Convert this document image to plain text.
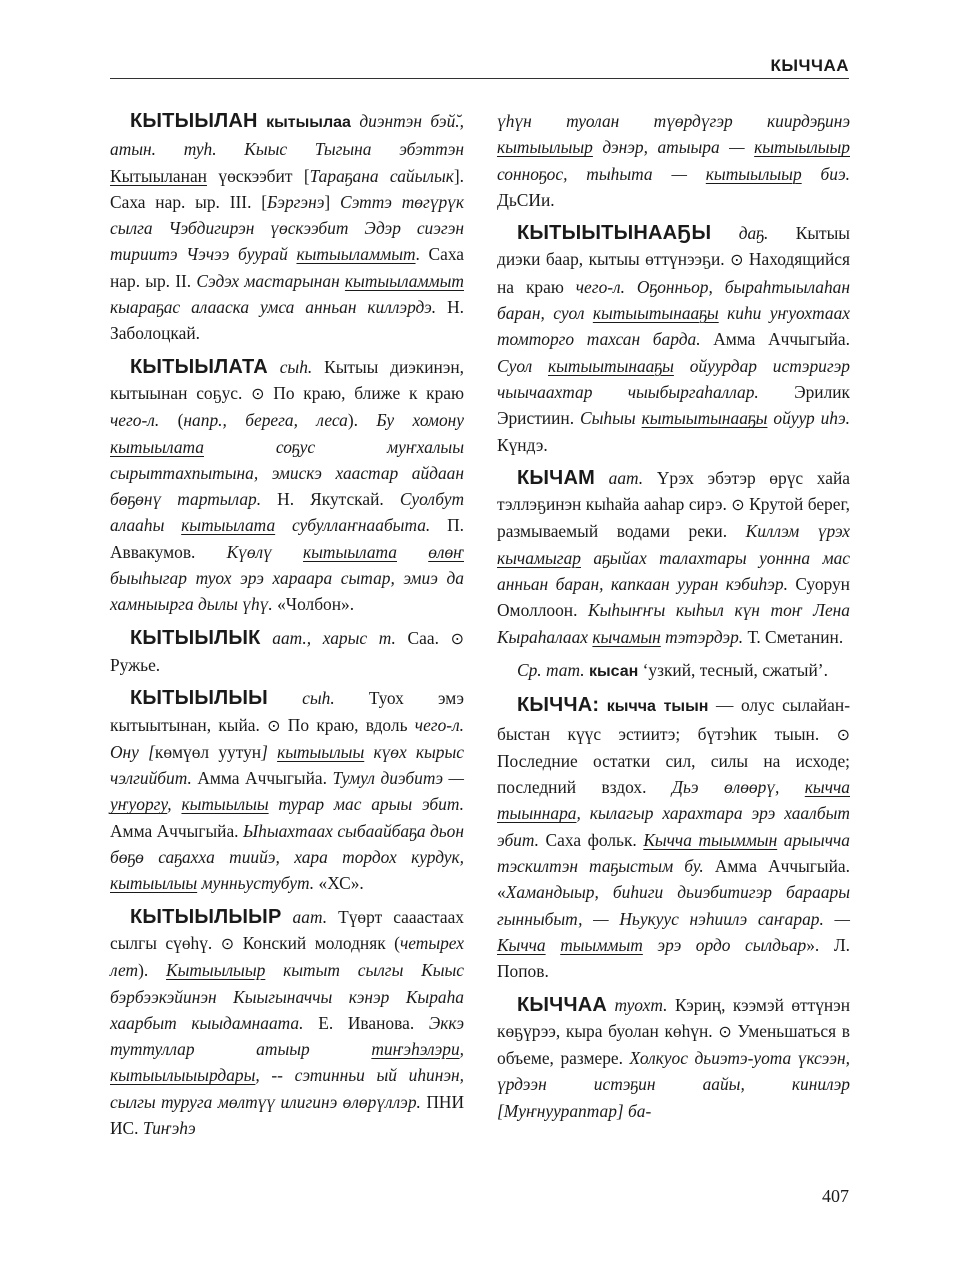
КЫЧЧАА

КЫТЫЫЛАН кытыылаа диэнтэн бэй̆., атын. туһ. Кыыс Тыгына эбэттэн Кытыыланан үөскээбит [Тараҕана сайылык]. Саха нар. ыр. III. [Бэргэнэ] Сэттэ төгүрүк сылга Чэбдигирэн үөскээбит Эдэр сиэгэн тириитэ Чэчээ буурай кытыыламмыт. Саха нар. ыр. II. Сэдэх мастарынан кытыыламмыт кыараҕас алааска умса анньан киллэрдэ. Н. Заболоцкай.

КЫТЫЫЛАТА сыһ. Кытыы диэкинэн, кытыынан соҕус. ⊙ По краю, ближе к краю чего-л. (напр., берега, леса). Бу хомону кытыылата соҕус муҥхалыы сырыттахпытына, эмискэ хаастар айдаан бөҕөнү тартылар. Н. Якутскай. Суолбут алааһы кытыылата субуллаҥнаабыта. П. Аввакумов. Күөлү кытыылата өлөҥ быыһыгар туох эрэ хараара сытар, эмиэ да хамныырга дылы үһү. «Чолбон».

КЫТЫЫЛЫК аат., харыс т. Саа. ⊙ Ружье.

КЫТЫЫЛЫЫ сыһ. Туох эмэ кытыытынан, кыйа. ⊙ По краю, вдоль чего-л. Ону [көмүөл уутун] кытыылыы күөх кырыс чэлгийбит. Амма Аччыгыйа. Тумул диэбитэ — уҥуоргу, кытыылыы турар мас арыы эбит. Амма Аччыгыйа. Ыһыахтаах сыбаайбаҕа дьон бөҕө саҕаххa тиийэ, хара тордох курдук, кытыылыы мунньустубут. «ХС».

КЫТЫЫЛЫЫР аат. Түөрт сааастаах сылгы сүөһү. ⊙ Конский молодняк (четырех лет). Кытыылыыр кытыт сылгы Кыыс бэрбээкэйинэн Кыыгыначчы кэнэр Кыраһа хаарбыт кыыдамнаата. Е. Иванова. Эккэ туттуллар атыыр тиҥэһэлэри, кытыылыыырдары, -- сэтинньи ый иһинэн, сылгы туруга мөлтүү илигинэ өлөрүллэр. ПНИ ИС. Тиҥэһэ

үһүн туолан түөрдүгэр киирдэҕинэ кытыылыыр дэнэр, атыыра — кытыылыыр сонноҕос, тыһыта — кытыылыыр биэ. ДьСИи.

КЫТЫЫТЫНААҔЫ даҕ. Кытыы диэки баар, кытыы өттүнээҕи. ⊙ Находящийся на краю чего-л. Оҕонньор, быраһтыылаһан баран, суол кытыытынааҕы киһи уҥуохтаах томторго тахсан барда. Амма Аччыгыйа. Суол кытыытынааҕы ойуурдар истэригэр чыычаахтар чыыбыргаһаллар. Эрилик Эристиин. Сыһыы кытыытынааҕы ойуур иһэ. Күндэ.

КЫЧАМ аат. Үрэх эбэтэр өрүс хайа тэллэҕинэн кыһайа ааһар сирэ. ⊙ Крутой берег, размываемый водами реки. Киллэм үрэх кычамыгар аҕыйах талахтары уоннна мас анньан баран, капкаан ууран кэбиһэр. Суорун Омоллоон. Кыһыҥҥы кыһыл күн тоҥ Лена Кыраһалаах кычамын тэтэрдэр. Т. Сметанин.

Ср. тат. кысан ‘узкий, тесный, сжатый’.

КЫЧЧА: кычча тыын — олус сылайан-быстан күүс эстиитэ; бүтэһик тыын. ⊙ Последние остатки сил, силы на исходе; последний вздох. Дьэ өлөөрү, кычча тыыннара, кылагыр харахтара эрэ хаалбыт эбит. Саха фольк. Кычча тыыммын арыычча тэскилтэн таҕыстым бу. Амма Аччыгыйа. «Хамандыыр, биһиги дьиэбитигэр бараары гынныбыт, — Ньукуус нэһиилэ саҥарар. — Кычча тыыммыт эрэ ордо сылдьар». Л. Попов.

КЫЧЧАА туохт. Кэриң, кээмэй өттүнэн көҕүрээ, кыра буолан көһүн. ⊙ Уменьшаться в объеме, размере. Холкуос дьиэтэ-уота үксээн, үрдээн истэҕин аайы, кинилэр [Муҥнуураптар] ба-

407
